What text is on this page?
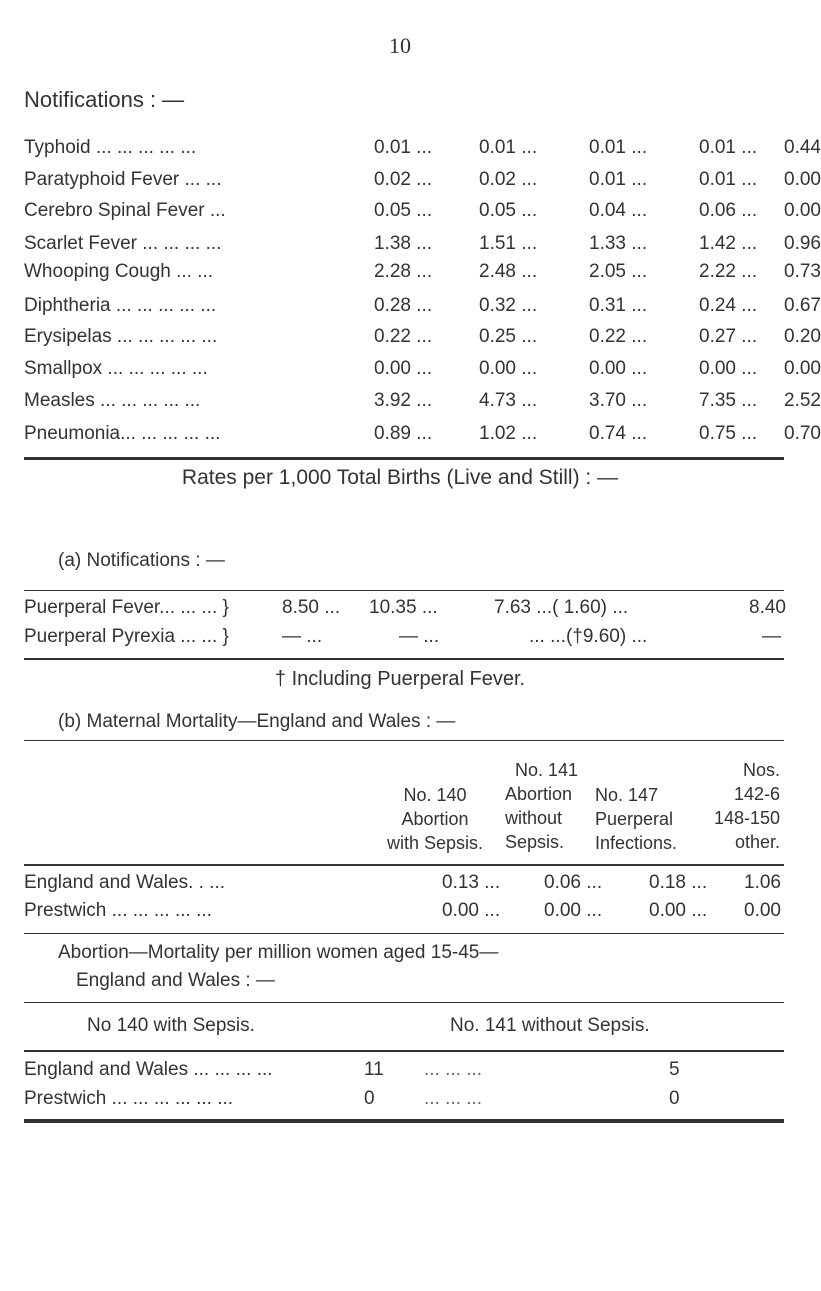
10
Notifications : —
Typhoid ... ... ... ... ...	0.01 ... 0.01 ...	0.01 ...	0.01 ... 0.44
Paratyphoid Fever ... ...	0.02 ... 0.02 ...	0.01 ...	0.01 ... 0.00
Cerebro Spinal Fever ...	0.05 ... 0.05 ...	0.04 ...	0.06 ... 0.00
Scarlet Fever ... ... ... ...	1.38 ... 1.51 ...	1.33 ...	1.42 ... 0.96
Whooping Cough ... ...	2.28 ... 2.48 ...	2.05 ...	2.22 ... 0.73
Diphtheria ... ... ... ... ...	0.28 ... 0.32 ...	0.31 ...	0.24 ... 0.67
Erysipelas ... ... ... ... ...	0.22 ... 0.25 ...	0.22 ...	0.27 ... 0.20
Smallpox ... ... ... ... ...	0.00 ... 0.00 ...	0.00 ...	0.00 ... 0.00
Measles ... ... ... ... ...	3.92 ... 4.73 ...	3.70 ...	7.35 ... 2.52
Pneumonia... ... ... ... ...	0.89 ... 1.02 ...	0.74 ...	0.75 ... 0.70
Rates per 1,000 Total Births (Live and Still) : —
(a) Notifications : —
Puerperal Fever... ... ... }	8.50 ... 10.35 ...	7.63 ...( 1.60) ...	8.40
Puerperal Pyrexia ... ... }	— ...	— ...	... ...(†9.60) ...	—
† Including Puerperal Fever.
(b) Maternal Mortality—England and Wales : —
No. 140
Abortion
with Sepsis.
No. 141
Abortion
without
Sepsis.
No. 147
Puerperal
Infections.
Nos.
142-6
148-150
other.
England and Wales. . ...	0.13 ... 0.06 ... 0.18 ... 1.06
Prestwich ... ... ... ... ...	0.00 ... 0.00 ... 0.00 ... 0.00
Abortion—Mortality per million women aged 15-45—
England and Wales : —
No 140 with Sepsis.	No. 141 without Sepsis.
England and Wales ... ... ... ...	11 ... ... ...	5
Prestwich ... ... ... ... ... ...	0	... ... ...	0
